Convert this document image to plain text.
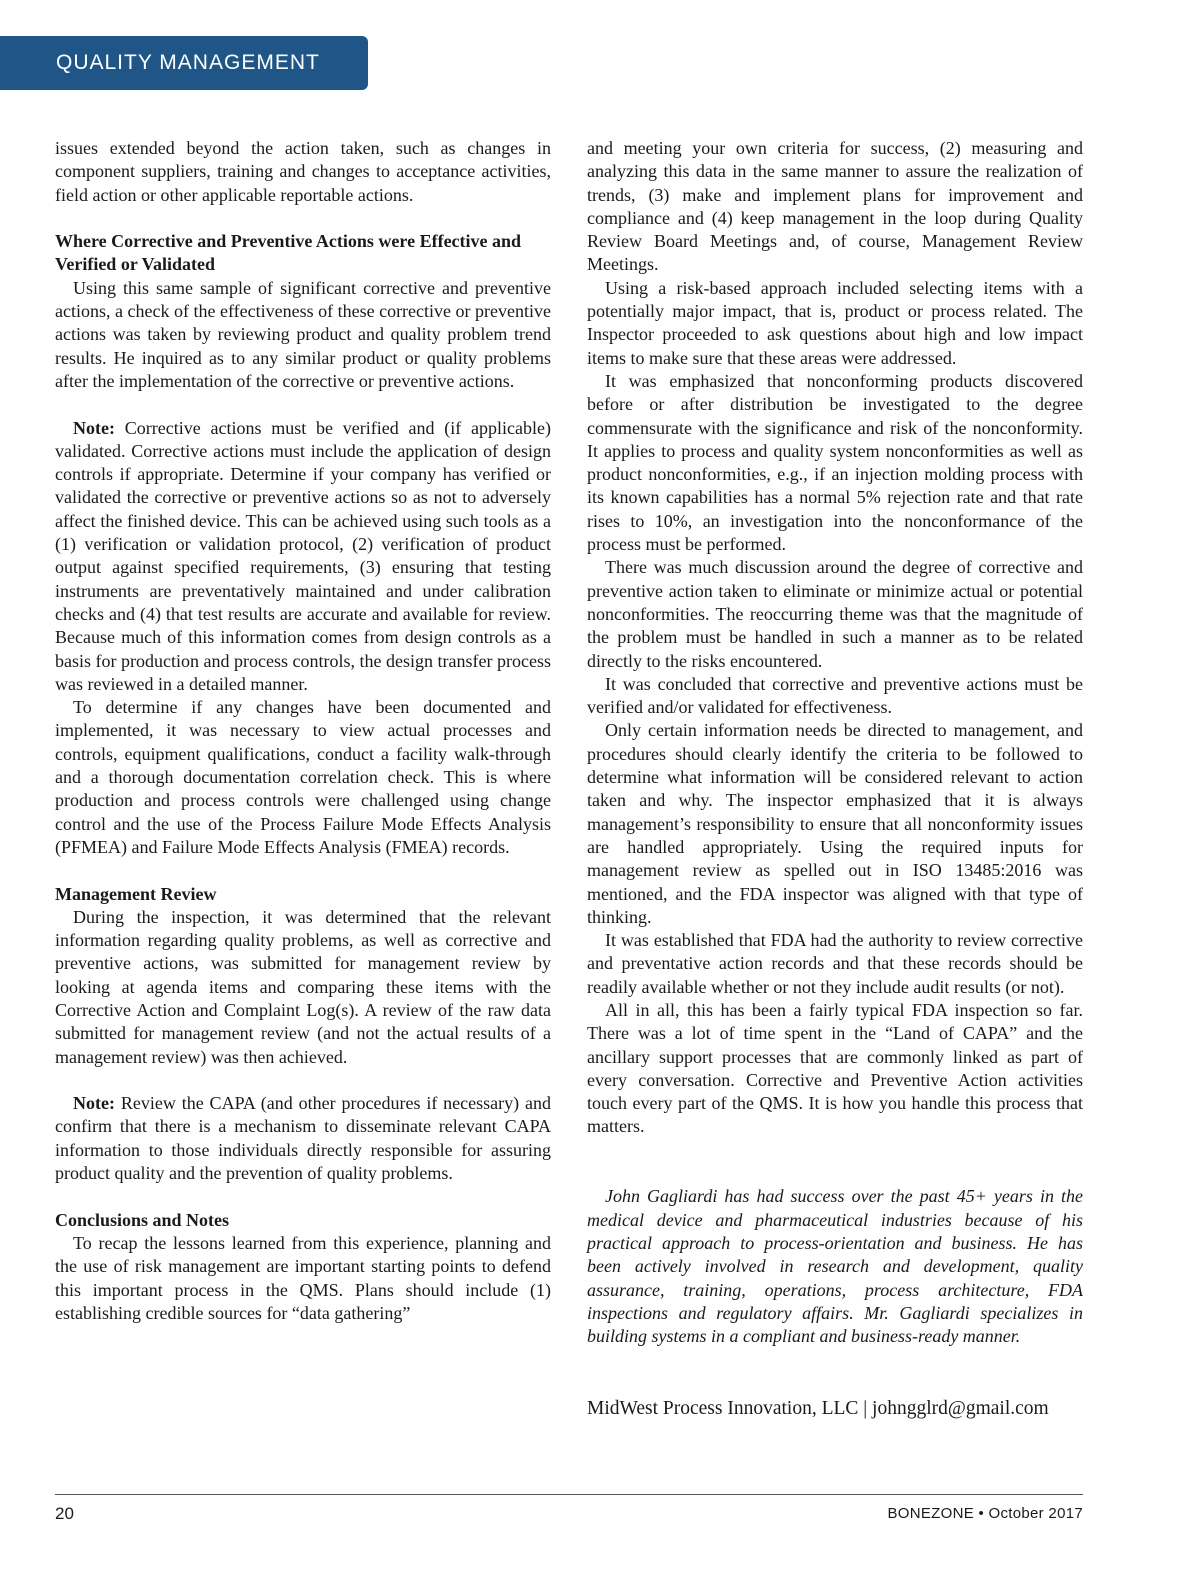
QUALITY MANAGEMENT

issues extended beyond the action taken, such as changes in component suppliers, training and changes to acceptance activities, field action or other applicable reportable actions.

Where Corrective and Preventive Actions were Effective and Verified or Validated

Using this same sample of significant corrective and preventive actions, a check of the effectiveness of these corrective or preventive actions was taken by reviewing product and quality problem trend results. He inquired as to any similar product or quality problems after the implementation of the corrective or preventive actions.

Note: Corrective actions must be verified and (if applicable) validated. Corrective actions must include the application of design controls if appropriate. Determine if your company has verified or validated the corrective or preventive actions so as not to adversely affect the finished device. This can be achieved using such tools as a (1) verification or validation protocol, (2) verification of product output against specified requirements, (3) ensuring that testing instruments are preventatively maintained and under calibration checks and (4) that test results are accurate and available for review. Because much of this information comes from design controls as a basis for production and process controls, the design transfer process was reviewed in a detailed manner.

To determine if any changes have been documented and implemented, it was necessary to view actual processes and controls, equipment qualifications, conduct a facility walk-through and a thorough documentation correlation check. This is where production and process controls were challenged using change control and the use of the Process Failure Mode Effects Analysis (PFMEA) and Failure Mode Effects Analysis (FMEA) records.

Management Review

During the inspection, it was determined that the relevant information regarding quality problems, as well as corrective and preventive actions, was submitted for management review by looking at agenda items and comparing these items with the Corrective Action and Complaint Log(s). A review of the raw data submitted for management review (and not the actual results of a management review) was then achieved.

Note: Review the CAPA (and other procedures if necessary) and confirm that there is a mechanism to disseminate relevant CAPA information to those individuals directly responsible for assuring product quality and the prevention of quality problems.

Conclusions and Notes

To recap the lessons learned from this experience, planning and the use of risk management are important starting points to defend this important process in the QMS. Plans should include (1) establishing credible sources for “data gathering”

and meeting your own criteria for success, (2) measuring and analyzing this data in the same manner to assure the realization of trends, (3) make and implement plans for improvement and compliance and (4) keep management in the loop during Quality Review Board Meetings and, of course, Management Review Meetings.

Using a risk-based approach included selecting items with a potentially major impact, that is, product or process related. The Inspector proceeded to ask questions about high and low impact items to make sure that these areas were addressed.

It was emphasized that nonconforming products discovered before or after distribution be investigated to the degree commensurate with the significance and risk of the nonconformity. It applies to process and quality system nonconformities as well as product nonconformities, e.g., if an injection molding process with its known capabilities has a normal 5% rejection rate and that rate rises to 10%, an investigation into the nonconformance of the process must be performed.

There was much discussion around the degree of corrective and preventive action taken to eliminate or minimize actual or potential nonconformities. The reoccurring theme was that the magnitude of the problem must be handled in such a manner as to be related directly to the risks encountered.

It was concluded that corrective and preventive actions must be verified and/or validated for effectiveness.

Only certain information needs be directed to management, and procedures should clearly identify the criteria to be followed to determine what information will be considered relevant to action taken and why. The inspector emphasized that it is always management’s responsibility to ensure that all nonconformity issues are handled appropriately. Using the required inputs for management review as spelled out in ISO 13485:2016 was mentioned, and the FDA inspector was aligned with that type of thinking.

It was established that FDA had the authority to review corrective and preventative action records and that these records should be readily available whether or not they include audit results (or not).

All in all, this has been a fairly typical FDA inspection so far. There was a lot of time spent in the “Land of CAPA” and the ancillary support processes that are commonly linked as part of every conversation. Corrective and Preventive Action activities touch every part of the QMS. It is how you handle this process that matters.

John Gagliardi has had success over the past 45+ years in the medical device and pharmaceutical industries because of his practical approach to process-orientation and business. He has been actively involved in research and development, quality assurance, training, operations, process architecture, FDA inspections and regulatory affairs. Mr. Gagliardi specializes in building systems in a compliant and business-ready manner.

MidWest Process Innovation, LLC | johngglrd@gmail.com
20	BONEZONE • October 2017
